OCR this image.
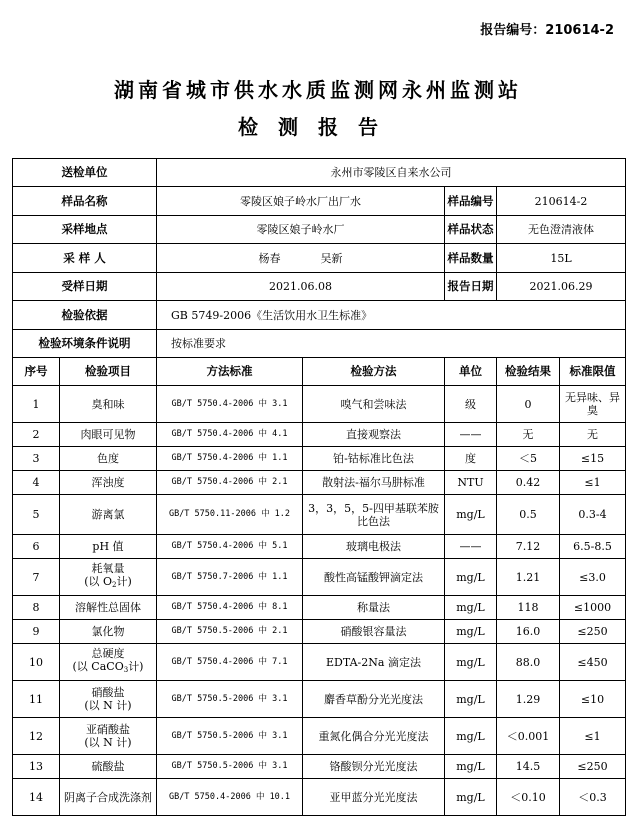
报告编号：210614-2
湖南省城市供水水质监测网永州监测站
检测报告
送检单位		永州市零陵区自来水公司				
样品名称		零陵区娘子岭水厂出厂水		样品编号	210614-2	
采样地点		零陵区娘子岭水厂		样品状态	无色澄清液体	
采 样 人		杨春 吴新		样品数量	15L	
受样日期		2021.06.08		报告日期	2021.06.29	
检验依据		GB 5749-2006《生活饮用水卫生标准》				
检验环境条件说明		按标准要求				
序号	检验项目	方法标准	检验方法	单位	检验结果	标准限值
1	臭和味	GB/T 5750.4-2006 中 3.1	嗅气和尝味法	级	0	无异味、异臭
2	肉眼可见物	GB/T 5750.4-2006 中 4.1	直接观察法	——	无	无
3	色度	GB/T 5750.4-2006 中 1.1	铂-钴标准比色法	度	＜5	≤15
4	浑浊度	GB/T 5750.4-2006 中 2.1	散射法-福尔马肼标准	NTU	0.42	≤1
5	游离氯	GB/T 5750.11-2006 中 1.2	3，3，5，5-四甲基联苯胺比色法	mg/L	0.5	0.3-4
6	pH 值	GB/T 5750.4-2006 中 5.1	玻璃电极法	——	7.12	6.5-8.5
7	耗氧量
(以 $O_2$计)	GB/T 5750.7-2006 中 1.1	酸性高锰酸钾滴定法	mg/L	1.21	≤3.0
8	溶解性总固体	GB/T 5750.4-2006 中 8.1	称量法	mg/L	118	≤1000
9	氯化物	GB/T 5750.5-2006 中 2.1	硝酸银容量法	mg/L	16.0	≤250
10	总硬度
(以 CaCO$_3$计)	GB/T 5750.4-2006 中 7.1	EDTA-2Na 滴定法	mg/L	88.0	≤450
11	硝酸盐
(以 N 计)	GB/T 5750.5-2006 中 3.1	麝香草酚分光光度法	mg/L	1.29	≤10
12	亚硝酸盐
(以 N 计)	GB/T 5750.5-2006 中 3.1	重氮化偶合分光光度法	mg/L	＜0.001	≤1
13	硫酸盐	GB/T 5750.5-2006 中 3.1	铬酸钡分光光度法	mg/L	14.5	≤250
14	阴离子合成洗涤剂	GB/T 5750.4-2006 中 10.1	亚甲蓝分光光度法	mg/L	＜0.10	＜0.3
